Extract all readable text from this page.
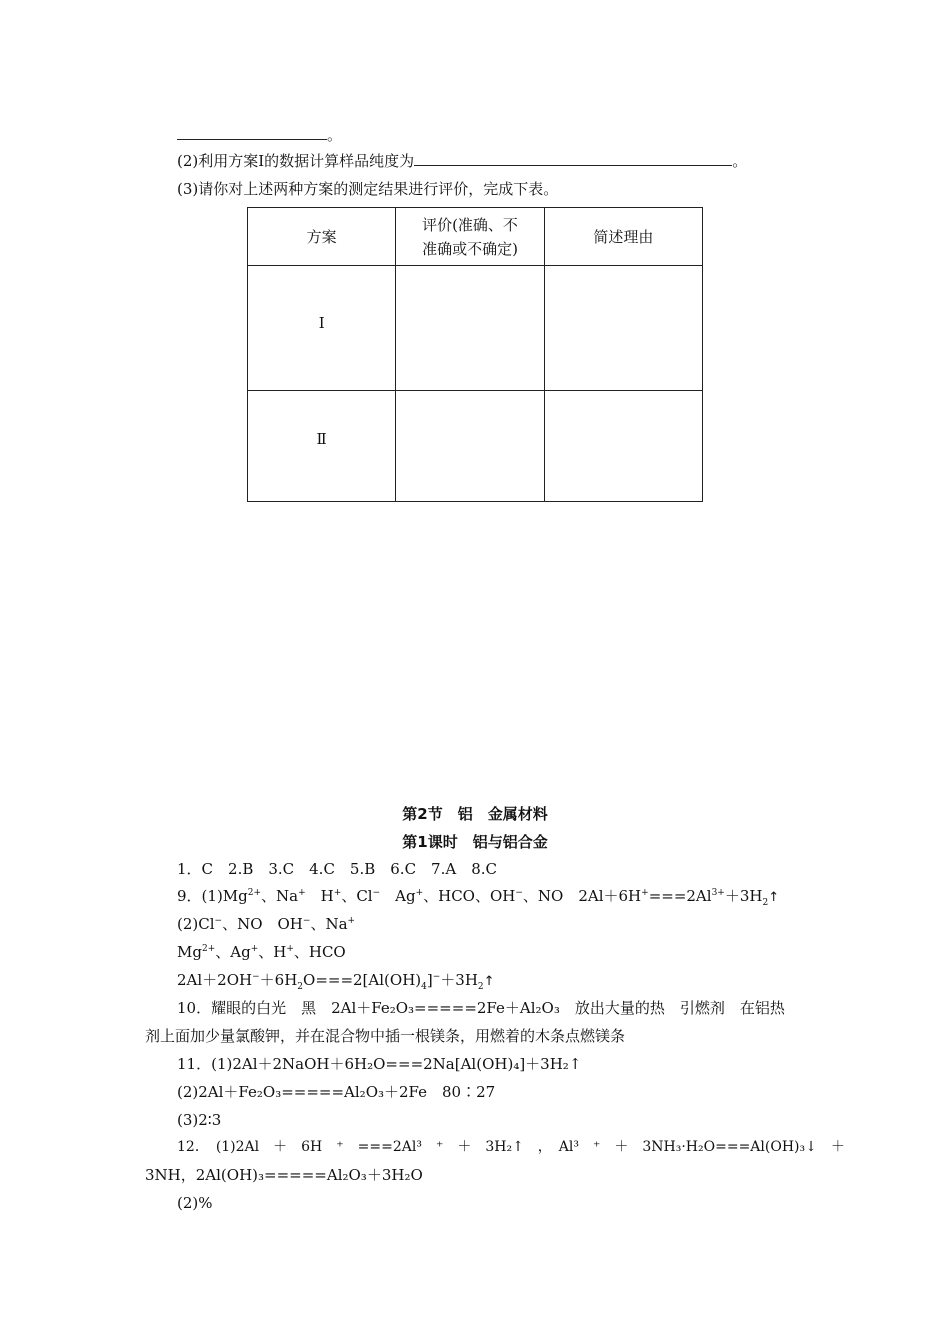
。
(2)利用方案Ⅰ的数据计算样品纯度为	。
(3)请你对上述两种方案的测定结果进行评价，完成下表。
方案	评价(准确、不
准确或不确定)	简述理由
Ⅰ		
Ⅱ		
第2节　铝　金属材料
第1课时　铝与铝合金
1．C　2.B　3.C　4.C　5.B　6.C　7.A　8.C
9．$(1)Mg^{2+}$、Na+　H+、Cl−　Ag+、HCO、OH−、NO　$2Al+6H^+===2Al^{3+}+3H_2↑$
(2)Cl−、NO　OH−、Na+
$Mg^{2+}$、Ag+、H+、HCO
$2Al+2OH^-+6H_2O===2[Al(OH)_4]^-+3H_2↑$
10．耀眼的白光　黑　2Al＋Fe₂O₃=====2Fe＋Al₂O₃　放出大量的热　引燃剂　在铝热
剂上面加少量氯酸钾，并在混合物中插一根镁条，用燃着的木条点燃镁条
11．(1)2Al＋2NaOH＋6H₂O===2Na[Al(OH)₄]＋3H₂↑
(2)2Al＋Fe₂O₃=====Al₂O₃＋2Fe　80∶27
(3)2∶3
12．　(1)2Al　＋　6H　⁺　===2Al³　⁺　＋　3H₂↑　，　Al³　⁺　＋　3NH₃·H₂O===Al(OH)₃↓　＋
3NH，2Al(OH)₃=====Al₂O₃＋3H₂O
(2)%
